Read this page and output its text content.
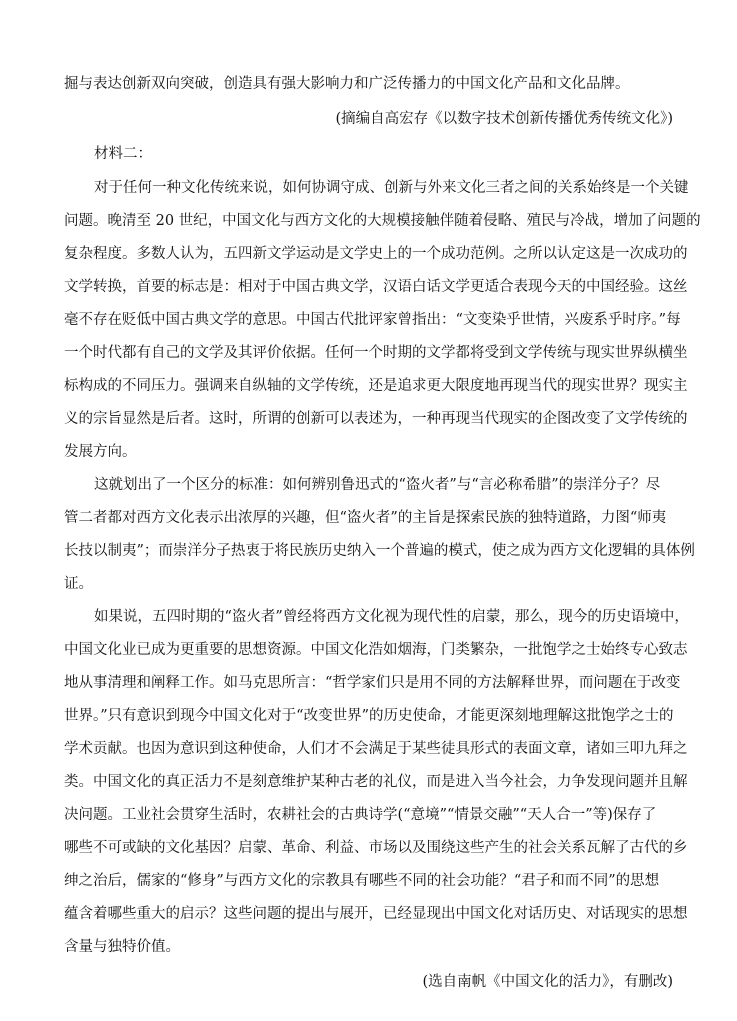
掘与表达创新双向突破，创造具有强大影响力和广泛传播力的中国文化产品和文化品牌。
(摘编自高宏存《以数字技术创新传播优秀传统文化》)
材料二：
对于任何一种文化传统来说，如何协调守成、创新与外来文化三者之间的关系始终是一个关键
问题。晚清至 20 世纪，中国文化与西方文化的大规模接触伴随着侵略、殖民与冷战，增加了问题的
复杂程度。多数人认为，五四新文学运动是文学史上的一个成功范例。之所以认定这是一次成功的
文学转换，首要的标志是：相对于中国古典文学，汉语白话文学更适合表现今天的中国经验。这丝
毫不存在贬低中国古典文学的意思。中国古代批评家曾指出：“文变染乎世情，兴废系乎时序。”每
一个时代都有自己的文学及其评价依据。任何一个时期的文学都将受到文学传统与现实世界纵横坐
标构成的不同压力。强调来自纵轴的文学传统，还是追求更大限度地再现当代的现实世界？现实主
义的宗旨显然是后者。这时，所谓的创新可以表述为，一种再现当代现实的企图改变了文学传统的
发展方向。
这就划出了一个区分的标准：如何辨别鲁迅式的“盗火者”与“言必称希腊”的崇洋分子？尽
管二者都对西方文化表示出浓厚的兴趣，但“盗火者”的主旨是探索民族的独特道路，力图“师夷
长技以制夷”；而崇洋分子热衷于将民族历史纳入一个普遍的模式，使之成为西方文化逻辑的具体例
证。
如果说，五四时期的“盗火者”曾经将西方文化视为现代性的启蒙，那么，现今的历史语境中，
中国文化业已成为更重要的思想资源。中国文化浩如烟海，门类繁杂，一批饱学之士始终专心致志
地从事清理和阐释工作。如马克思所言：“哲学家们只是用不同的方法解释世界，而问题在于改变
世界。”只有意识到现今中国文化对于“改变世界”的历史使命，才能更深刻地理解这批饱学之士的
学术贡献。也因为意识到这种使命，人们才不会满足于某些徒具形式的表面文章，诸如三叩九拜之
类。中国文化的真正活力不是刻意维护某种古老的礼仪，而是进入当今社会，力争发现问题并且解
决问题。工业社会贯穿生活时，农耕社会的古典诗学(“意境”“情景交融”“天人合一”等)保存了
哪些不可或缺的文化基因？启蒙、革命、利益、市场以及围绕这些产生的社会关系瓦解了古代的乡
绅之治后，儒家的“修身”与西方文化的宗教具有哪些不同的社会功能？“君子和而不同”的思想
蕴含着哪些重大的启示？这些问题的提出与展开，已经显现出中国文化对话历史、对话现实的思想
含量与独特价值。
(选自南帆《中国文化的活力》，有删改)
